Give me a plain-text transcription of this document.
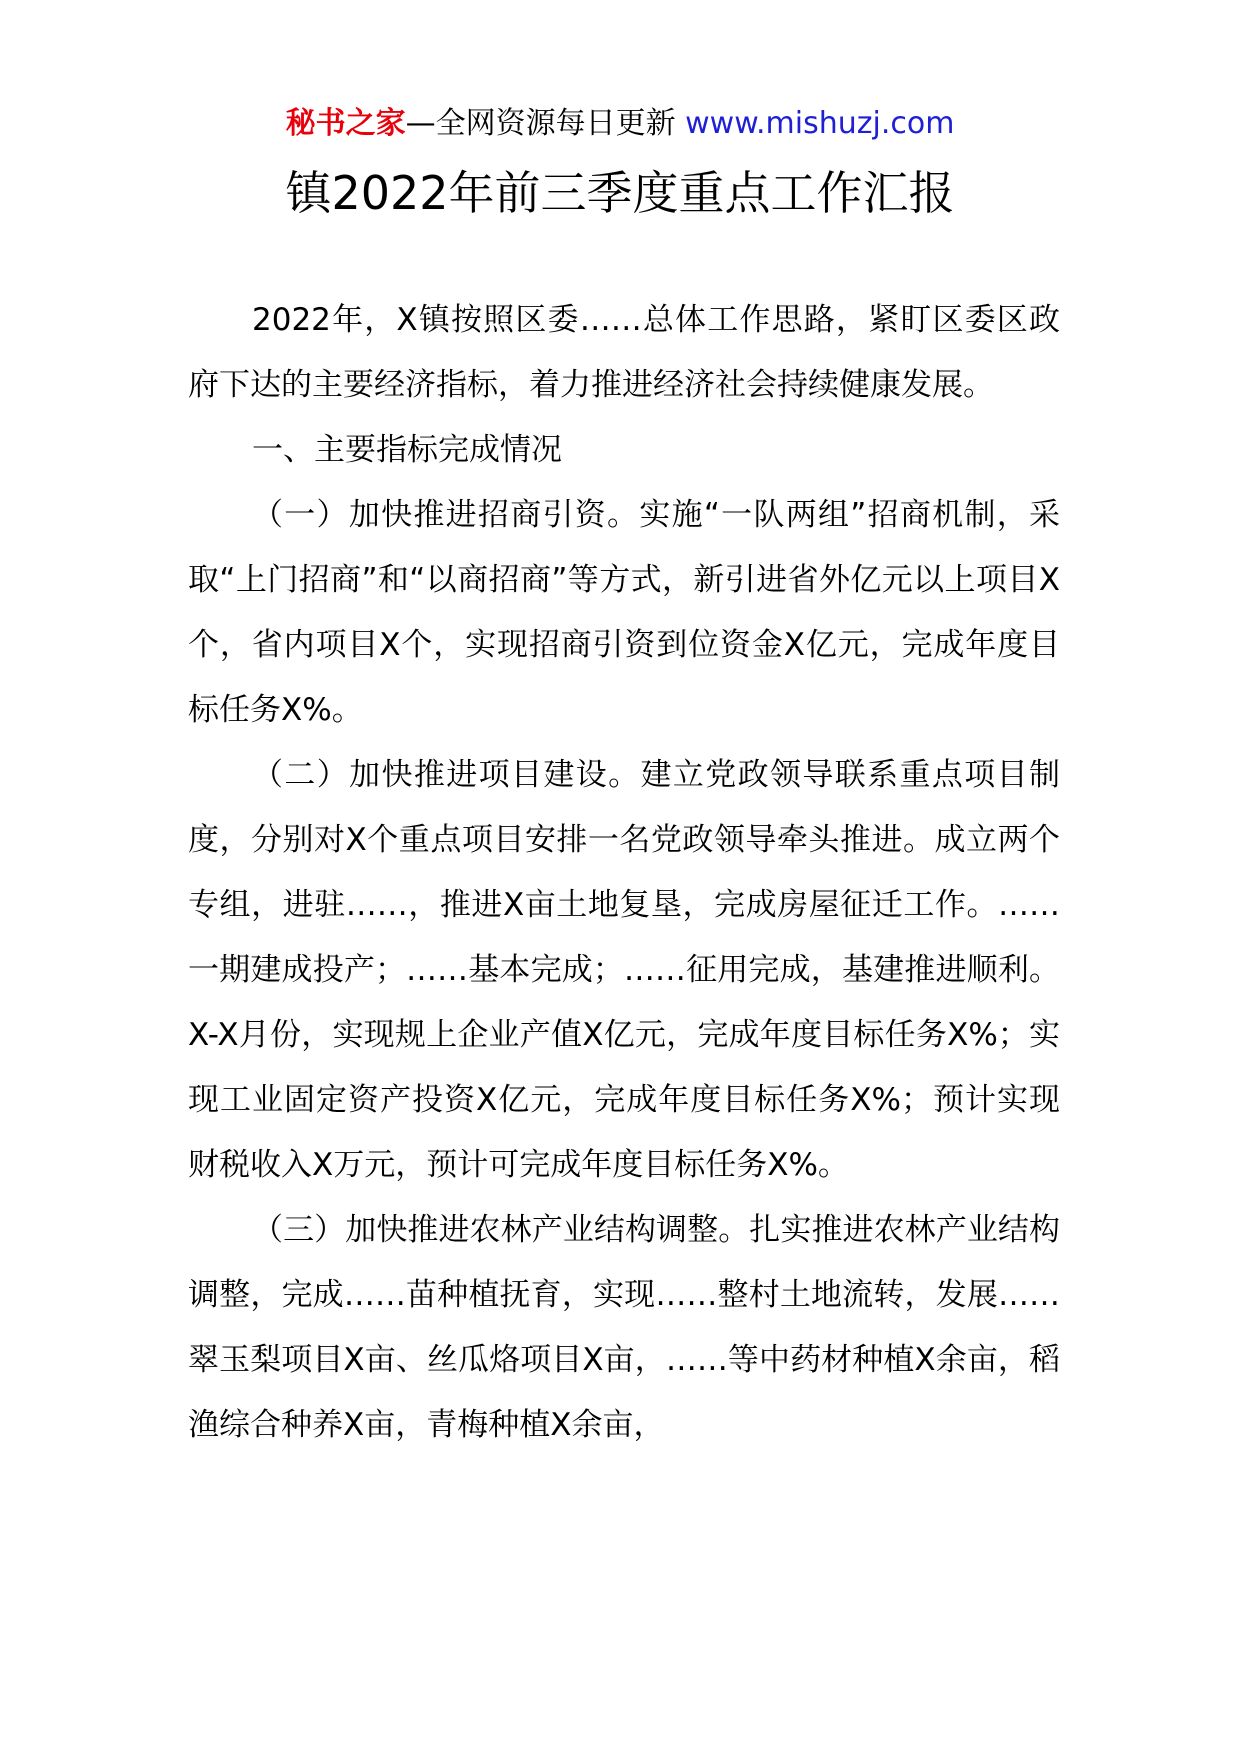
秘书之家—全网资源每日更新 www.mishuzj.com
镇2022年前三季度重点工作汇报

2022年，X镇按照区委……总体工作思路，紧盯区委区政府下达的主要经济指标，着力推进经济社会持续健康发展。

一、主要指标完成情况

（一）加快推进招商引资。实施“一队两组”招商机制，采取“上门招商”和“以商招商”等方式，新引进省外亿元以上项目X个，省内项目X个，实现招商引资到位资金X亿元，完成年度目标任务X%。

（二）加快推进项目建设。建立党政领导联系重点项目制度，分别对X个重点项目安排一名党政领导牵头推进。成立两个专组，进驻……，推进X亩土地复垦，完成房屋征迁工作。……一期建成投产；……基本完成；……征用完成，基建推进顺利。X-X月份，实现规上企业产值X亿元，完成年度目标任务X%；实现工业固定资产投资X亿元，完成年度目标任务X%；预计实现财税收入X万元，预计可完成年度目标任务X%。

（三）加快推进农林产业结构调整。扎实推进农林产业结构调整，完成……苗种植抚育，实现……整村土地流转，发展……翠玉梨项目X亩、丝瓜烙项目X亩，……等中药材种植X余亩，稻渔综合种养X亩，青梅种植X余亩，
